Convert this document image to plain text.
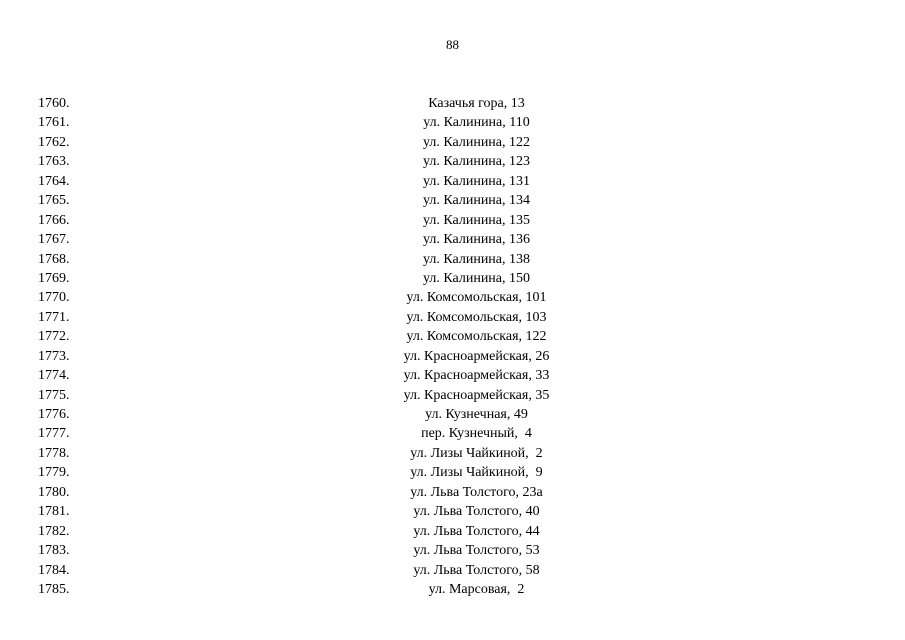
88
1760.	Казачья гора, 13
1761.	ул. Калинина, 110
1762.	ул. Калинина, 122
1763.	ул. Калинина, 123
1764.	ул. Калинина, 131
1765.	ул. Калинина, 134
1766.	ул. Калинина, 135
1767.	ул. Калинина, 136
1768.	ул. Калинина, 138
1769.	ул. Калинина, 150
1770.	ул. Комсомольская, 101
1771.	ул. Комсомольская, 103
1772.	ул. Комсомольская, 122
1773.	ул. Красноармейская, 26
1774.	ул. Красноармейская, 33
1775.	ул. Красноармейская, 35
1776.	ул. Кузнечная, 49
1777.	пер. Кузнечный,  4
1778.	ул. Лизы Чайкиной,  2
1779.	ул. Лизы Чайкиной,  9
1780.	ул. Льва Толстого, 23а
1781.	ул. Льва Толстого, 40
1782.	ул. Льва Толстого, 44
1783.	ул. Льва Толстого, 53
1784.	ул. Льва Толстого, 58
1785.	ул. Марсовая,  2
